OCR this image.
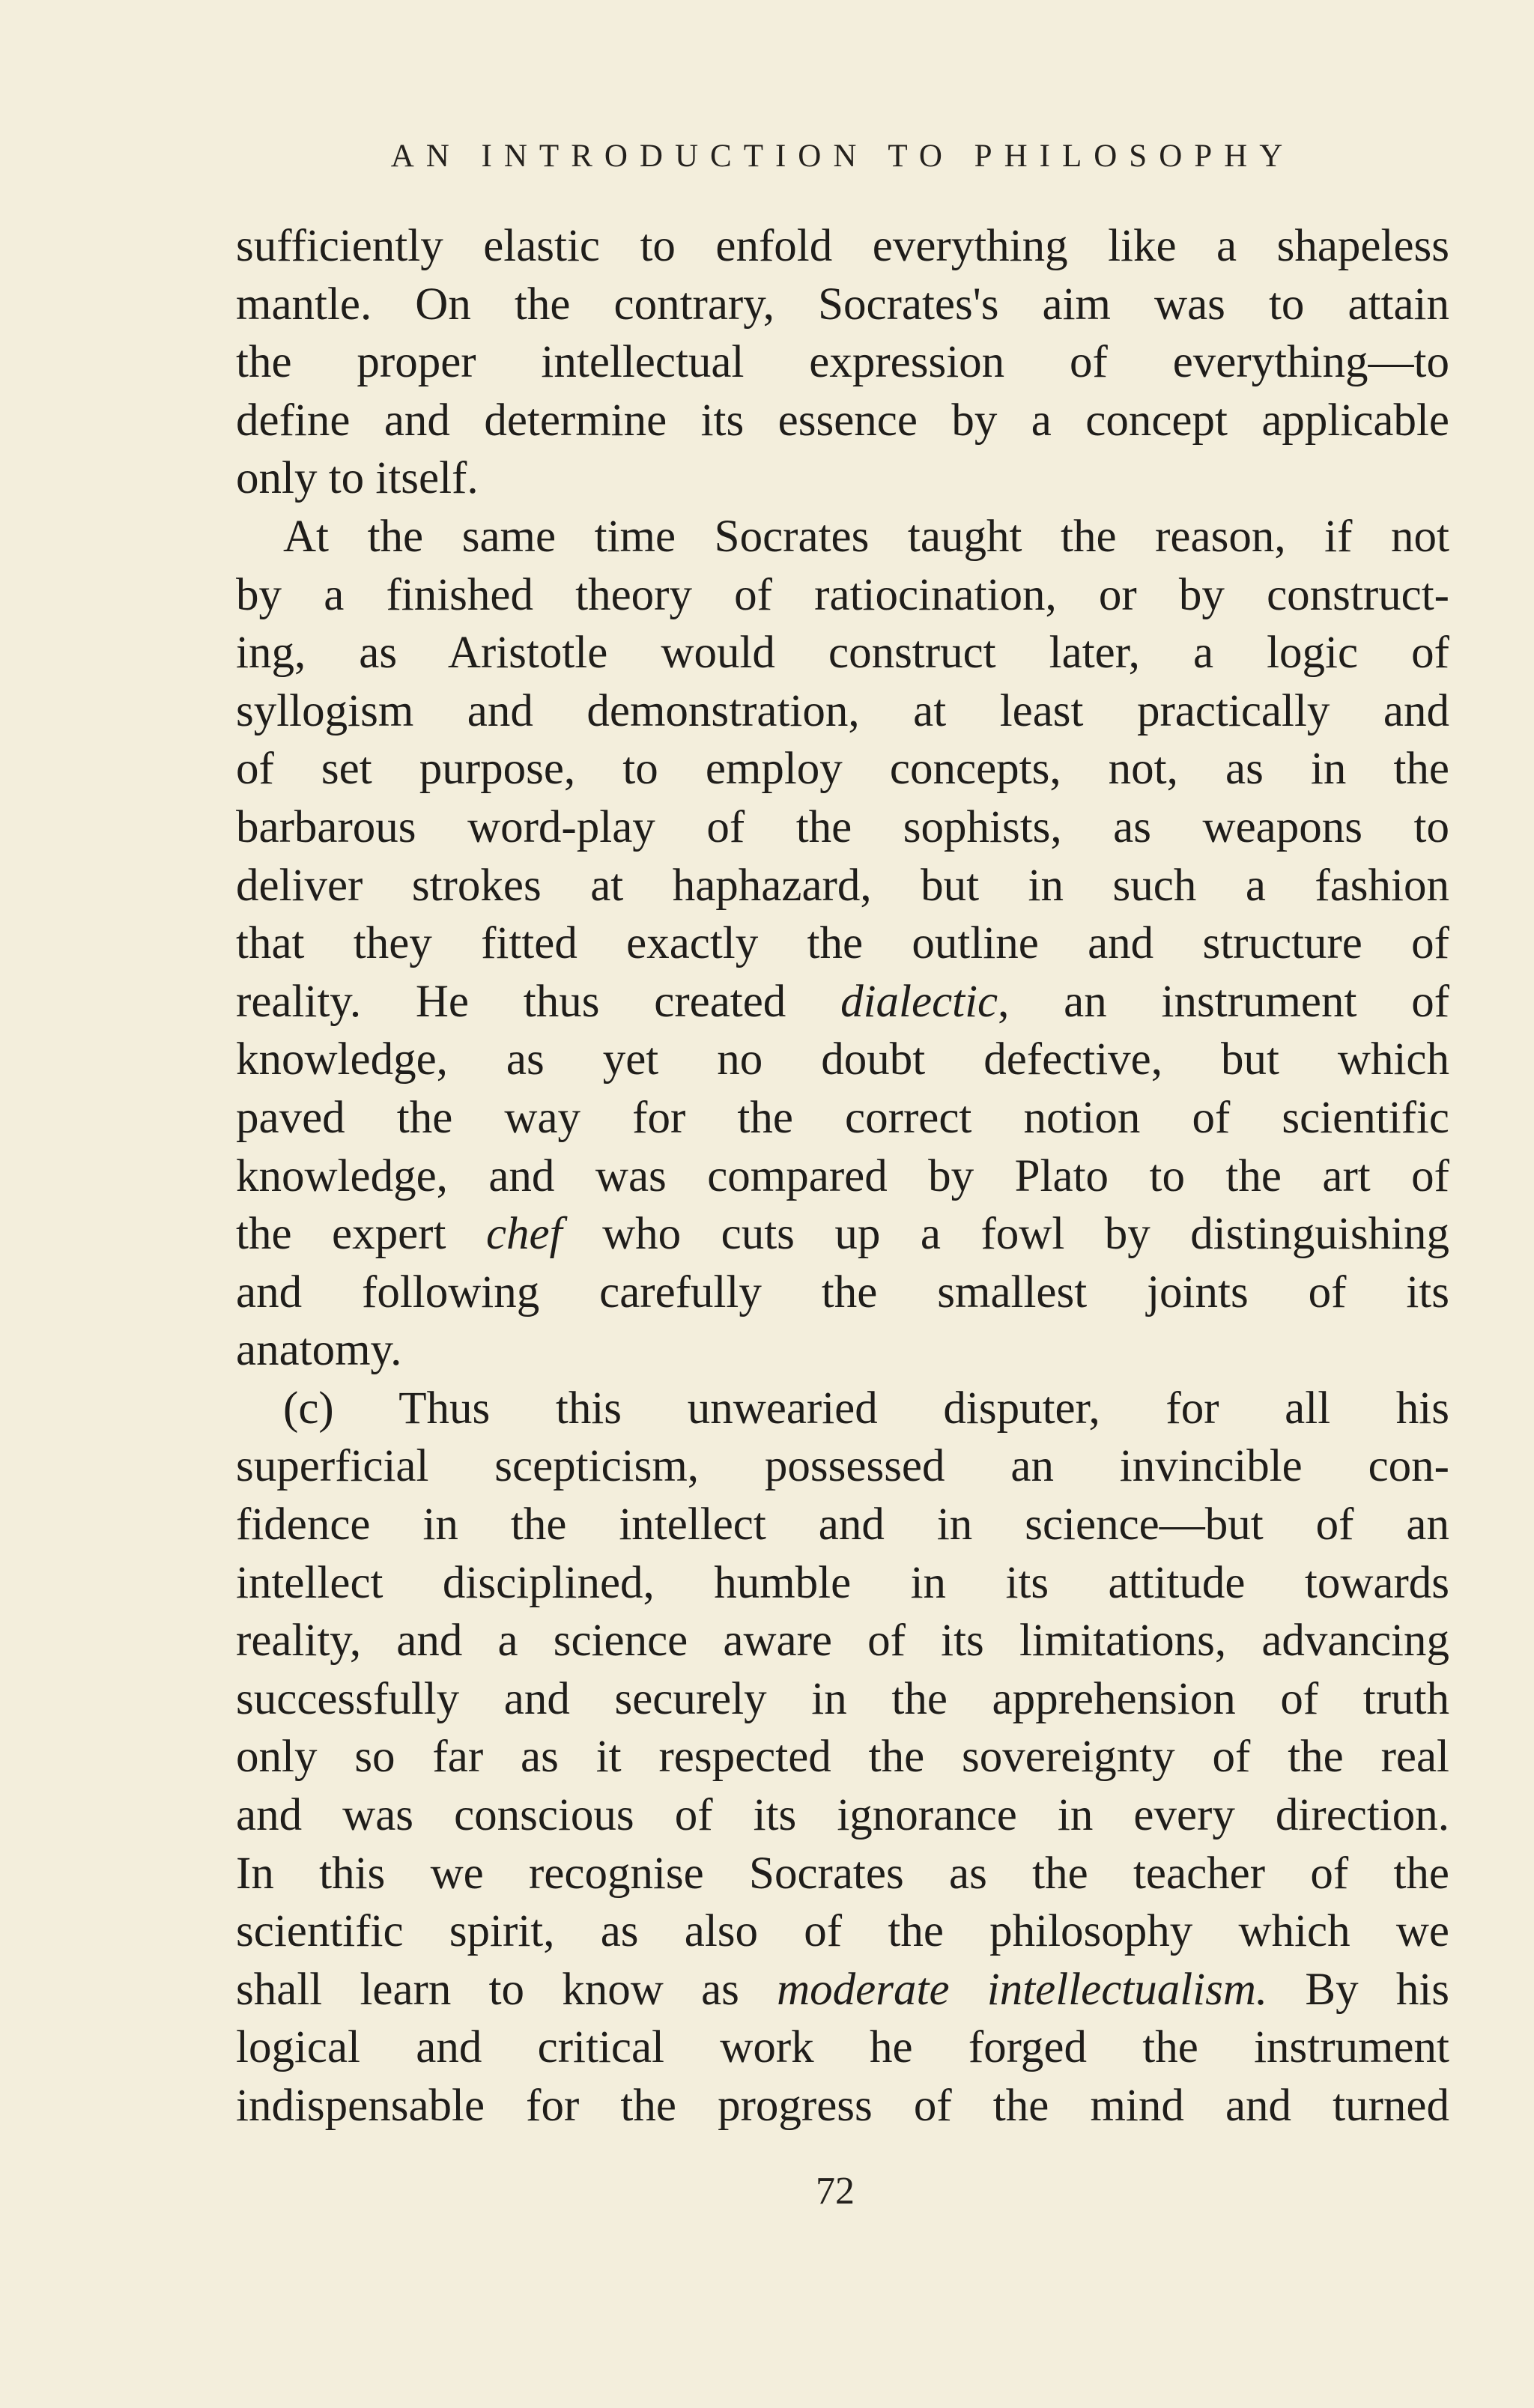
AN INTRODUCTION TO PHILOSOPHY
sufficiently elastic to enfold everything like a shapeless
mantle. On the contrary, Socrates's aim was to attain
the proper intellectual expression of everything—to
define and determine its essence by a concept applicable
only to itself.
At the same time Socrates taught the reason, if not
by a finished theory of ratiocination, or by construct-
ing, as Aristotle would construct later, a logic of
syllogism and demonstration, at least practically and
of set purpose, to employ concepts, not, as in the
barbarous word-play of the sophists, as weapons to
deliver strokes at haphazard, but in such a fashion
that they fitted exactly the outline and structure of
reality. He thus created dialectic, an instrument of
knowledge, as yet no doubt defective, but which
paved the way for the correct notion of scientific
knowledge, and was compared by Plato to the art of
the expert chef who cuts up a fowl by distinguishing
and following carefully the smallest joints of its
anatomy.
(c) Thus this unwearied disputer, for all his
superficial scepticism, possessed an invincible con-
fidence in the intellect and in science—but of an
intellect disciplined, humble in its attitude towards
reality, and a science aware of its limitations, advancing
successfully and securely in the apprehension of truth
only so far as it respected the sovereignty of the real
and was conscious of its ignorance in every direction.
In this we recognise Socrates as the teacher of the
scientific spirit, as also of the philosophy which we
shall learn to know as moderate intellectualism. By his
logical and critical work he forged the instrument
indispensable for the progress of the mind and turned
72
